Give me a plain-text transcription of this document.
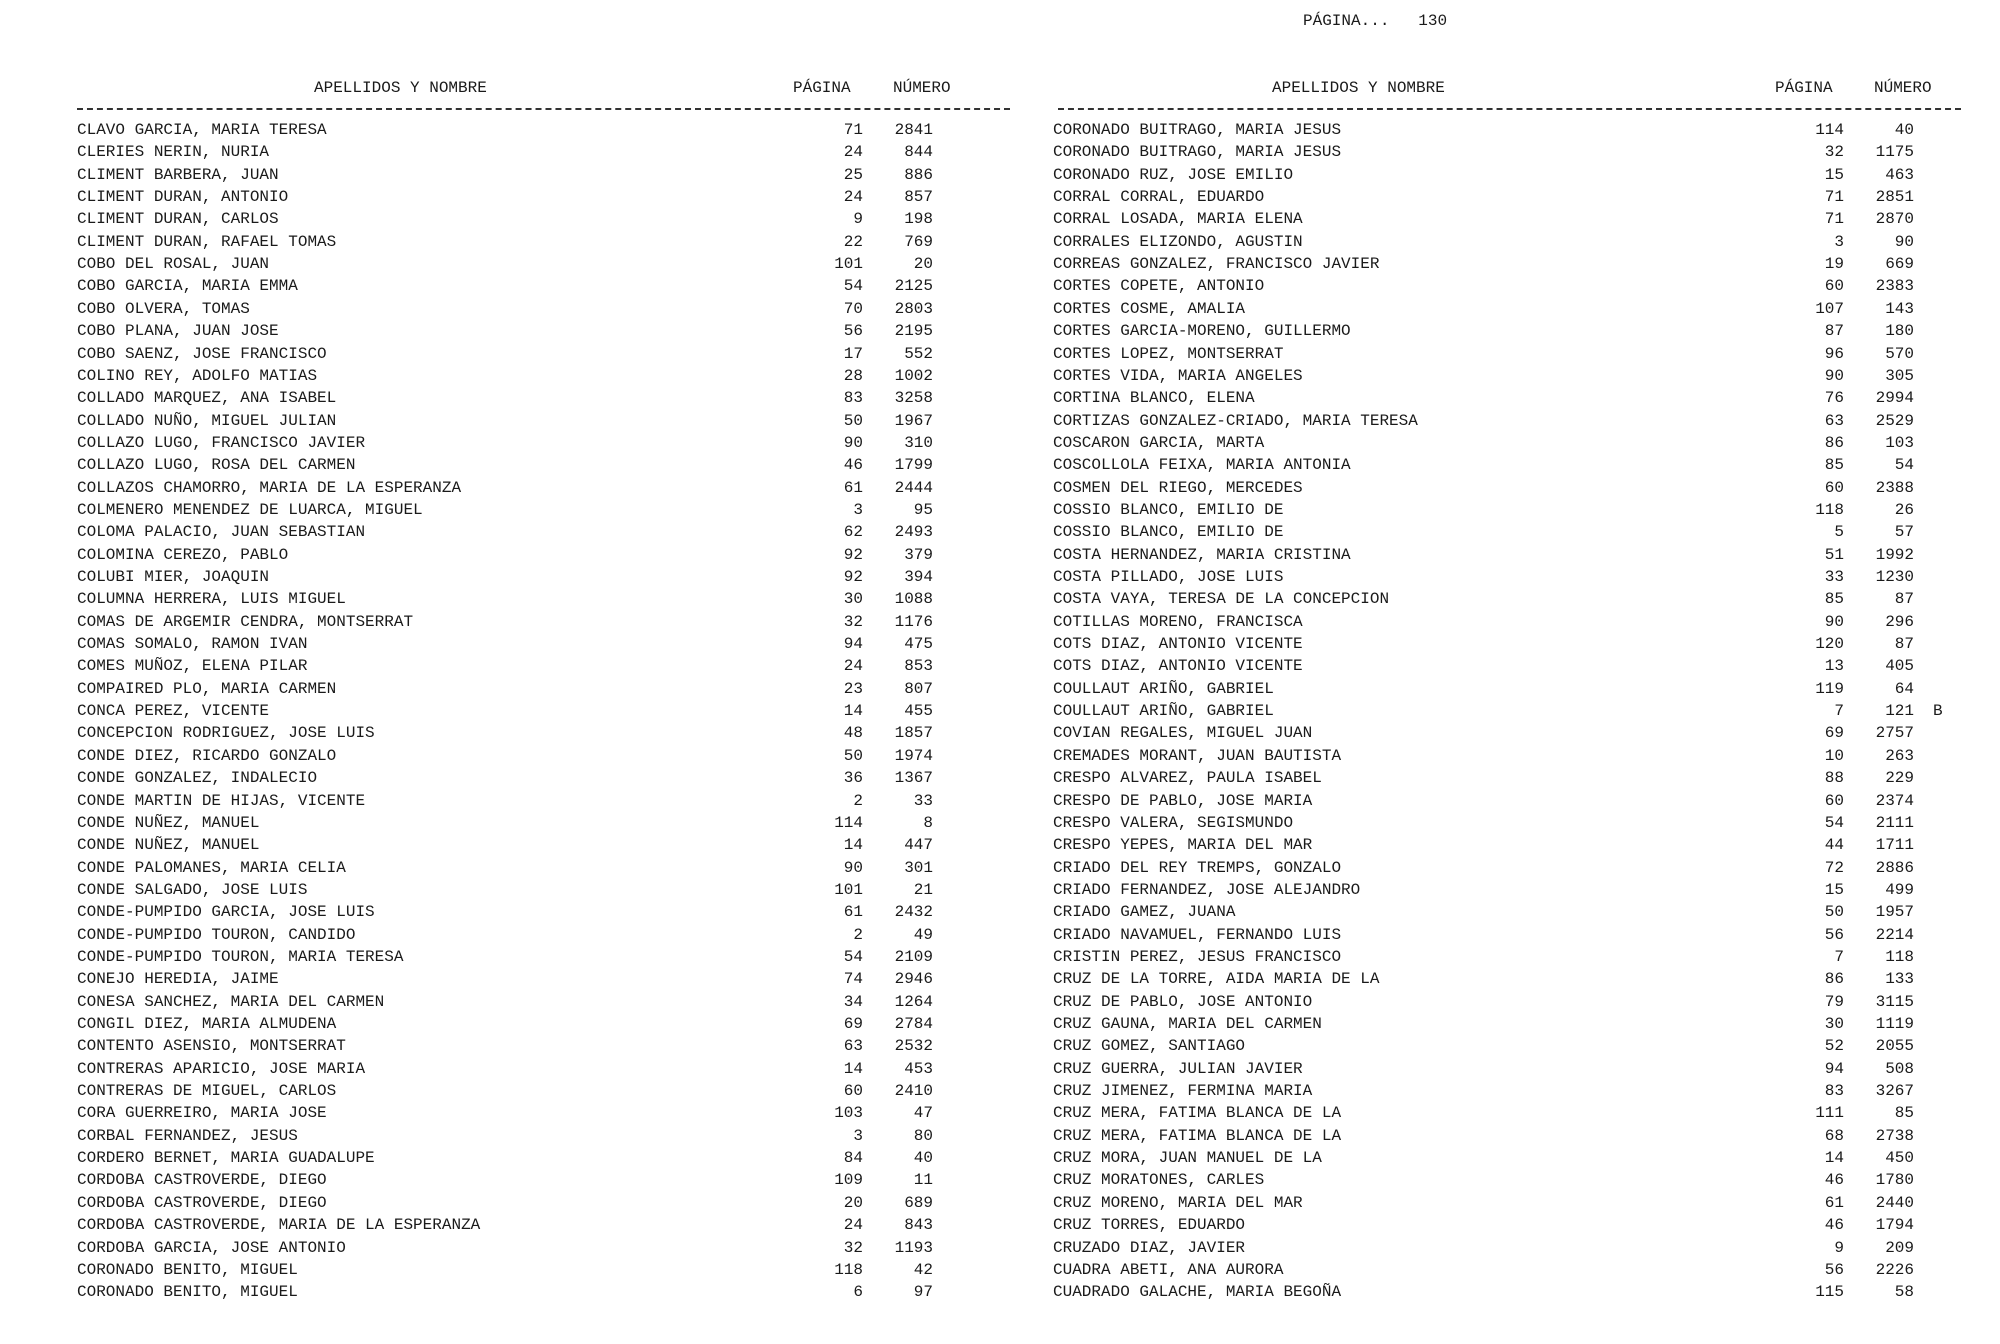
PÁGINA... 130
APELLIDOS Y NOMBRE	PÁGINA	NÚMERO	APELLIDOS Y NOMBRE	PÁGINA	NÚMERO
CLAVO GARCIA, MARIA TERESA	71	2841
CLERIES NERIN, NURIA	24	844
CLIMENT BARBERA, JUAN	25	886
CLIMENT DURAN, ANTONIO	24	857
CLIMENT DURAN, CARLOS	9	198
CLIMENT DURAN, RAFAEL TOMAS	22	769
COBO DEL ROSAL, JUAN	101	20
COBO GARCIA, MARIA EMMA	54	2125
COBO OLVERA, TOMAS	70	2803
COBO PLANA, JUAN JOSE	56	2195
COBO SAENZ, JOSE FRANCISCO	17	552
COLINO REY, ADOLFO MATIAS	28	1002
COLLADO MARQUEZ, ANA ISABEL	83	3258
COLLADO NUÑO, MIGUEL JULIAN	50	1967
COLLAZO LUGO, FRANCISCO JAVIER	90	310
COLLAZO LUGO, ROSA DEL CARMEN	46	1799
COLLAZOS CHAMORRO, MARIA DE LA ESPERANZA	61	2444
COLMENERO MENENDEZ DE LUARCA, MIGUEL	3	95
COLOMA PALACIO, JUAN SEBASTIAN	62	2493
COLOMINA CEREZO, PABLO	92	379
COLUBI MIER, JOAQUIN	92	394
COLUMNA HERRERA, LUIS MIGUEL	30	1088
COMAS DE ARGEMIR CENDRA, MONTSERRAT	32	1176
COMAS SOMALO, RAMON IVAN	94	475
COMES MUÑOZ, ELENA PILAR	24	853
COMPAIRED PLO, MARIA CARMEN	23	807
CONCA PEREZ, VICENTE	14	455
CONCEPCION RODRIGUEZ, JOSE LUIS	48	1857
CONDE DIEZ, RICARDO GONZALO	50	1974
CONDE GONZALEZ, INDALECIO	36	1367
CONDE MARTIN DE HIJAS, VICENTE	2	33
CONDE NUÑEZ, MANUEL	114	8
CONDE NUÑEZ, MANUEL	14	447
CONDE PALOMANES, MARIA CELIA	90	301
CONDE SALGADO, JOSE LUIS	101	21
CONDE-PUMPIDO GARCIA, JOSE LUIS	61	2432
CONDE-PUMPIDO TOURON, CANDIDO	2	49
CONDE-PUMPIDO TOURON, MARIA TERESA	54	2109
CONEJO HEREDIA, JAIME	74	2946
CONESA SANCHEZ, MARIA DEL CARMEN	34	1264
CONGIL DIEZ, MARIA ALMUDENA	69	2784
CONTENTO ASENSIO, MONTSERRAT	63	2532
CONTRERAS APARICIO, JOSE MARIA	14	453
CONTRERAS DE MIGUEL, CARLOS	60	2410
CORA GUERREIRO, MARIA JOSE	103	47
CORBAL FERNANDEZ, JESUS	3	80
CORDERO BERNET, MARIA GUADALUPE	84	40
CORDOBA CASTROVERDE, DIEGO	109	11
CORDOBA CASTROVERDE, DIEGO	20	689
CORDOBA CASTROVERDE, MARIA DE LA ESPERANZA	24	843
CORDOBA GARCIA, JOSE ANTONIO	32	1193
CORONADO BENITO, MIGUEL	118	42
CORONADO BENITO, MIGUEL	6	97
CORONADO BUITRAGO, MARIA JESUS	114	40
CORONADO BUITRAGO, MARIA JESUS	32	1175
CORONADO RUZ, JOSE EMILIO	15	463
CORRAL CORRAL, EDUARDO	71	2851
CORRAL LOSADA, MARIA ELENA	71	2870
CORRALES ELIZONDO, AGUSTIN	3	90
CORREAS GONZALEZ, FRANCISCO JAVIER	19	669
CORTES COPETE, ANTONIO	60	2383
CORTES COSME, AMALIA	107	143
CORTES GARCIA-MORENO, GUILLERMO	87	180
CORTES LOPEZ, MONTSERRAT	96	570
CORTES VIDA, MARIA ANGELES	90	305
CORTINA BLANCO, ELENA	76	2994
CORTIZAS GONZALEZ-CRIADO, MARIA TERESA	63	2529
COSCARON GARCIA, MARTA	86	103
COSCOLLOLA FEIXA, MARIA ANTONIA	85	54
COSMEN DEL RIEGO, MERCEDES	60	2388
COSSIO BLANCO, EMILIO DE	118	26
COSSIO BLANCO, EMILIO DE	5	57
COSTA HERNANDEZ, MARIA CRISTINA	51	1992
COSTA PILLADO, JOSE LUIS	33	1230
COSTA VAYA, TERESA DE LA CONCEPCION	85	87
COTILLAS MORENO, FRANCISCA	90	296
COTS DIAZ, ANTONIO VICENTE	120	87
COTS DIAZ, ANTONIO VICENTE	13	405
COULLAUT ARIÑO, GABRIEL	119	64
COULLAUT ARIÑO, GABRIEL	7	121 B
COVIAN REGALES, MIGUEL JUAN	69	2757
CREMADES MORANT, JUAN BAUTISTA	10	263
CRESPO ALVAREZ, PAULA ISABEL	88	229
CRESPO DE PABLO, JOSE MARIA	60	2374
CRESPO VALERA, SEGISMUNDO	54	2111
CRESPO YEPES, MARIA DEL MAR	44	1711
CRIADO DEL REY TREMPS, GONZALO	72	2886
CRIADO FERNANDEZ, JOSE ALEJANDRO	15	499
CRIADO GAMEZ, JUANA	50	1957
CRIADO NAVAMUEL, FERNANDO LUIS	56	2214
CRISTIN PEREZ, JESUS FRANCISCO	7	118
CRUZ DE LA TORRE, AIDA MARIA DE LA	86	133
CRUZ DE PABLO, JOSE ANTONIO	79	3115
CRUZ GAUNA, MARIA DEL CARMEN	30	1119
CRUZ GOMEZ, SANTIAGO	52	2055
CRUZ GUERRA, JULIAN JAVIER	94	508
CRUZ JIMENEZ, FERMINA MARIA	83	3267
CRUZ MERA, FATIMA BLANCA DE LA	111	85
CRUZ MERA, FATIMA BLANCA DE LA	68	2738
CRUZ MORA, JUAN MANUEL DE LA	14	450
CRUZ MORATONES, CARLES	46	1780
CRUZ MORENO, MARIA DEL MAR	61	2440
CRUZ TORRES, EDUARDO	46	1794
CRUZADO DIAZ, JAVIER	9	209
CUADRA ABETI, ANA AURORA	56	2226
CUADRADO GALACHE, MARIA BEGOÑA	115	58
